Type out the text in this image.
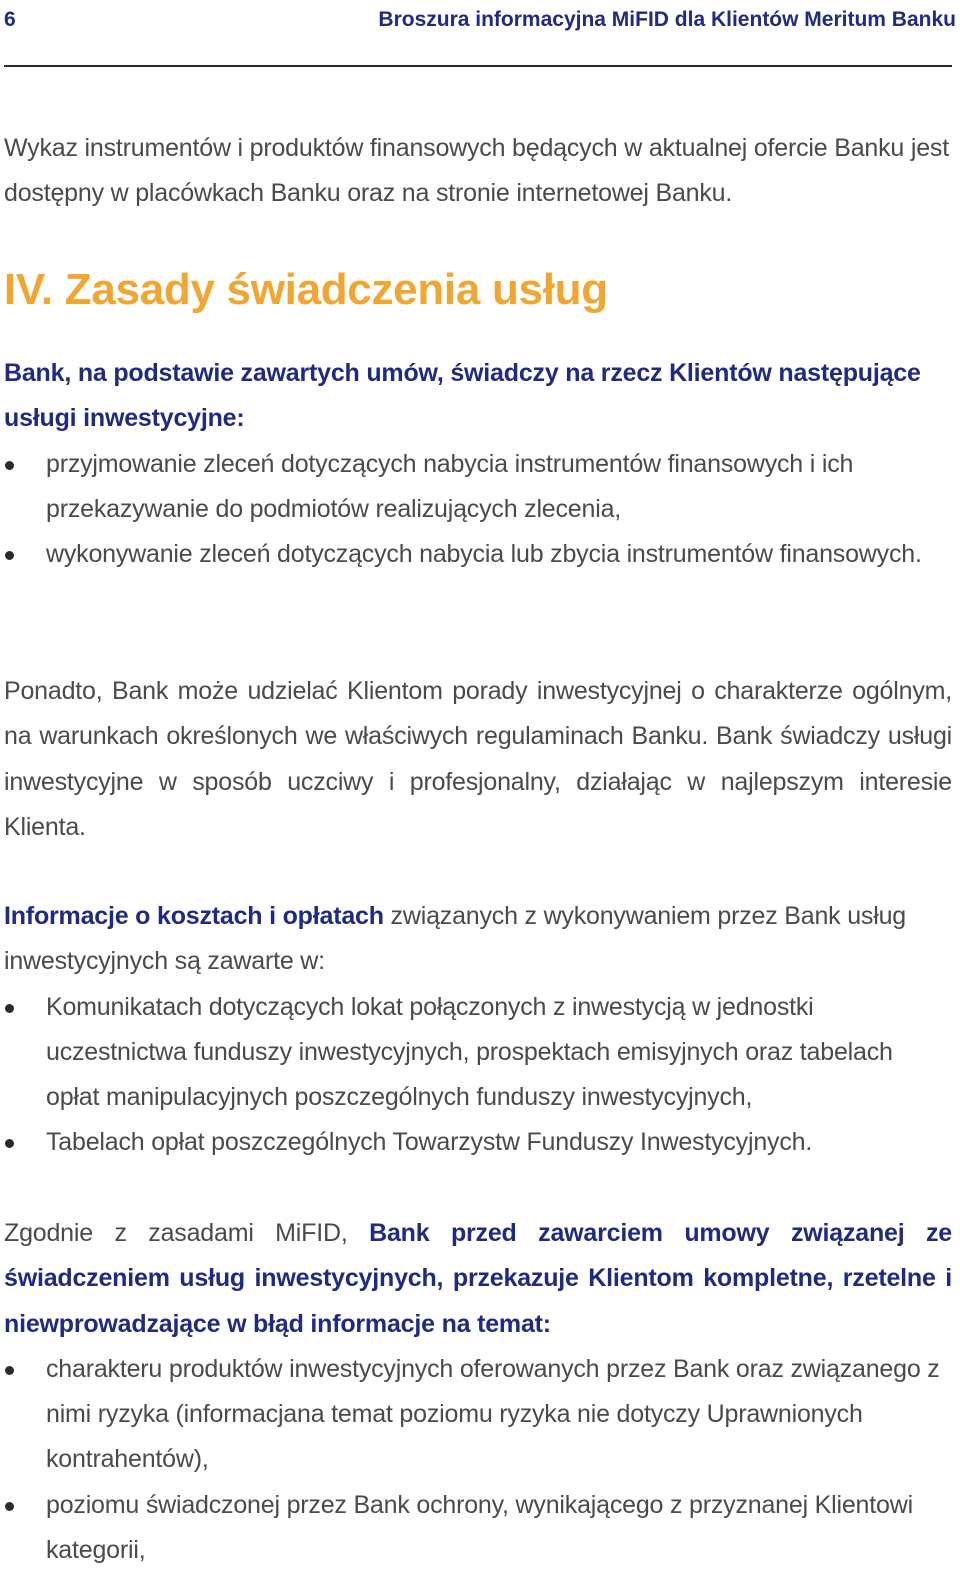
6	Broszura informacyjna MiFID dla Klientów Meritum Banku

Wykaz instrumentów i produktów finansowych będących w aktualnej ofercie Banku jest dostępny w placówkach Banku oraz na stronie internetowej Banku.

IV. Zasady świadczenia usług

Bank, na podstawie zawartych umów, świadczy na rzecz Klientów następujące usługi inwestycyjne:

przyjmowanie zleceń dotyczących nabycia instrumentów finansowych i ich przekazywanie do podmiotów realizujących zlecenia,
wykonywanie zleceń dotyczących nabycia lub zbycia instrumentów finansowych.

Ponadto, Bank może udzielać Klientom porady inwestycyjnej o charakterze ogólnym, na warunkach określonych we właściwych regulaminach Banku. Bank świadczy usługi inwestycyjne w sposób uczciwy i profesjonalny, działając w najlepszym interesie Klienta.

Informacje o kosztach i opłatach związanych z wykonywaniem przez Bank usług inwestycyjnych są zawarte w:

Komunikatach dotyczących lokat połączonych z inwestycją w jednostki uczestnictwa funduszy inwestycyjnych, prospektach emisyjnych oraz tabelach opłat manipulacyjnych poszczególnych funduszy inwestycyjnych,
Tabelach opłat poszczególnych Towarzystw Funduszy Inwestycyjnych.

Zgodnie z zasadami MiFID, Bank przed zawarciem umowy związanej ze świadczeniem usług inwestycyjnych, przekazuje Klientom kompletne, rzetelne i niewprowadzające w błąd informacje na temat:

charakteru produktów inwestycyjnych oferowanych przez Bank oraz związanego z nimi ryzyka (informacjana temat poziomu ryzyka nie dotyczy Uprawnionych kontrahentów),
poziomu świadczonej przez Bank ochrony, wynikającego z przyznanej Klientowi kategorii,
